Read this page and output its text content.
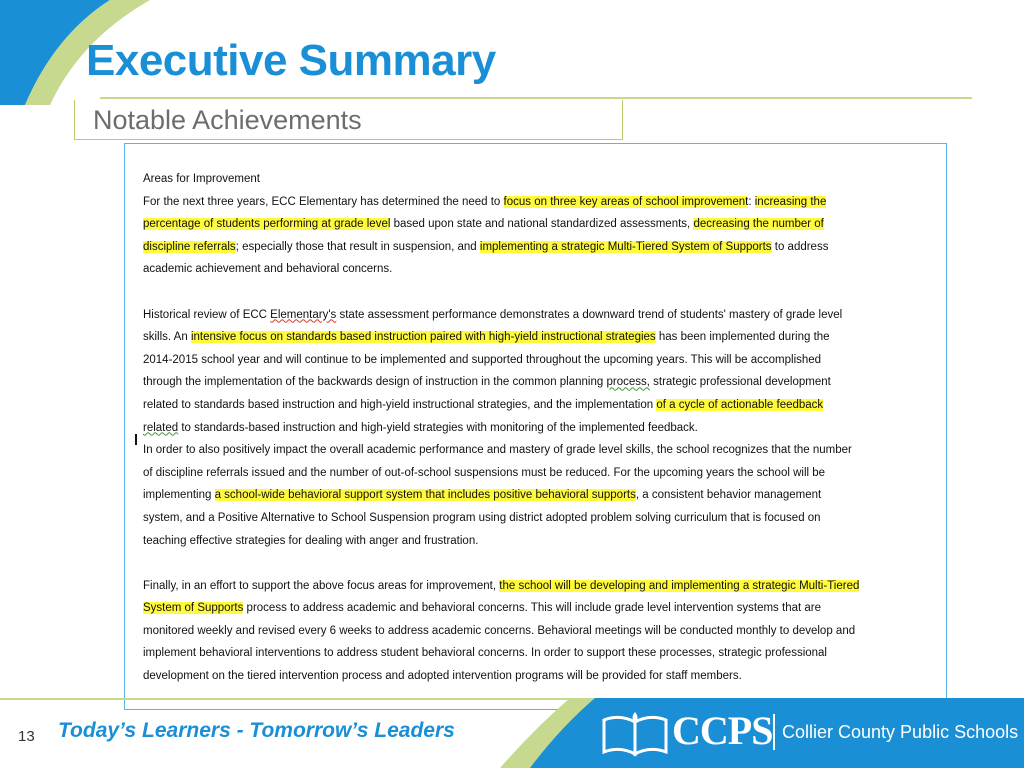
Executive Summary
Notable Achievements
Areas for Improvement
For the next three years, ECC Elementary has determined the need to focus on three key areas of school improvement: increasing the
percentage of students performing at grade level based upon state and national standardized assessments, decreasing the number of
discipline referrals; especially those that result in suspension, and implementing a strategic Multi-Tiered System of Supports to address
academic achievement and behavioral concerns.
Historical review of ECC Elementary's state assessment performance demonstrates a downward trend of students' mastery of grade level
skills. An intensive focus on standards based instruction paired with high-yield instructional strategies has been implemented during the
2014-2015 school year and will continue to be implemented and supported throughout the upcoming years. This will be accomplished
through the implementation of the backwards design of instruction in the common planning process, strategic professional development
related to standards based instruction and high-yield instructional strategies, and the implementation of a cycle of actionable feedback
related to standards-based instruction and high-yield strategies with monitoring of the implemented feedback.
In order to also positively impact the overall academic performance and mastery of grade level skills, the school recognizes that the number
of discipline referrals issued and the number of out-of-school suspensions must be reduced. For the upcoming years the school will be
implementing a school-wide behavioral support system that includes positive behavioral supports, a consistent behavior management
system, and a Positive Alternative to School Suspension program using district adopted problem solving curriculum that is focused on
teaching effective strategies for dealing with anger and frustration.
Finally, in an effort to support the above focus areas for improvement, the school will be developing and implementing a strategic Multi-Tiered
System of Supports process to address academic and behavioral concerns. This will include grade level intervention systems that are
monitored weekly and revised every 6 weeks to address academic concerns. Behavioral meetings will be conducted monthly to develop and
implement behavioral interventions to address student behavioral concerns. In order to support these processes, strategic professional
development on the tiered intervention process and adopted intervention programs will be provided for staff members.
13 Today’s Learners - Tomorrow’s Leaders	CCPS Collier County Public Schools
